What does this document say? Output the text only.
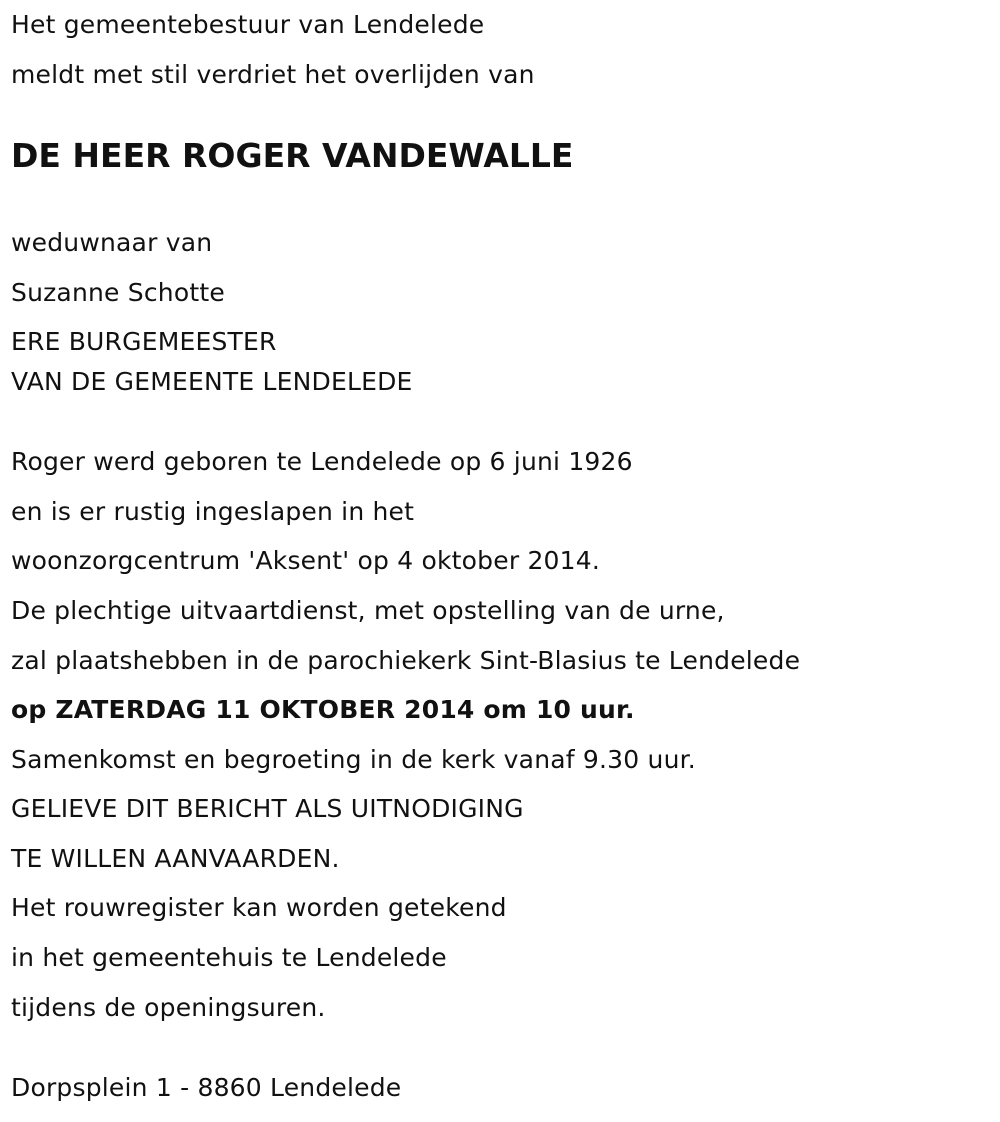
Het gemeentebestuur van Lendelede
meldt met stil verdriet het overlijden van
DE HEER ROGER VANDEWALLE
weduwnaar van
Suzanne Schotte
ERE BURGEMEESTER
VAN DE GEMEENTE LENDELEDE
Roger werd geboren te Lendelede op 6 juni 1926
en is er rustig ingeslapen in het
woonzorgcentrum 'Aksent' op 4 oktober 2014.
De plechtige uitvaartdienst, met opstelling van de urne,
zal plaatshebben in de parochiekerk Sint-Blasius te Lendelede
op ZATERDAG 11 OKTOBER 2014 om 10 uur.
Samenkomst en begroeting in de kerk vanaf 9.30 uur.
GELIEVE DIT BERICHT ALS UITNODIGING
TE WILLEN AANVAARDEN.
Het rouwregister kan worden getekend
in het gemeentehuis te Lendelede
tijdens de openingsuren.
Dorpsplein 1 - 8860 Lendelede
